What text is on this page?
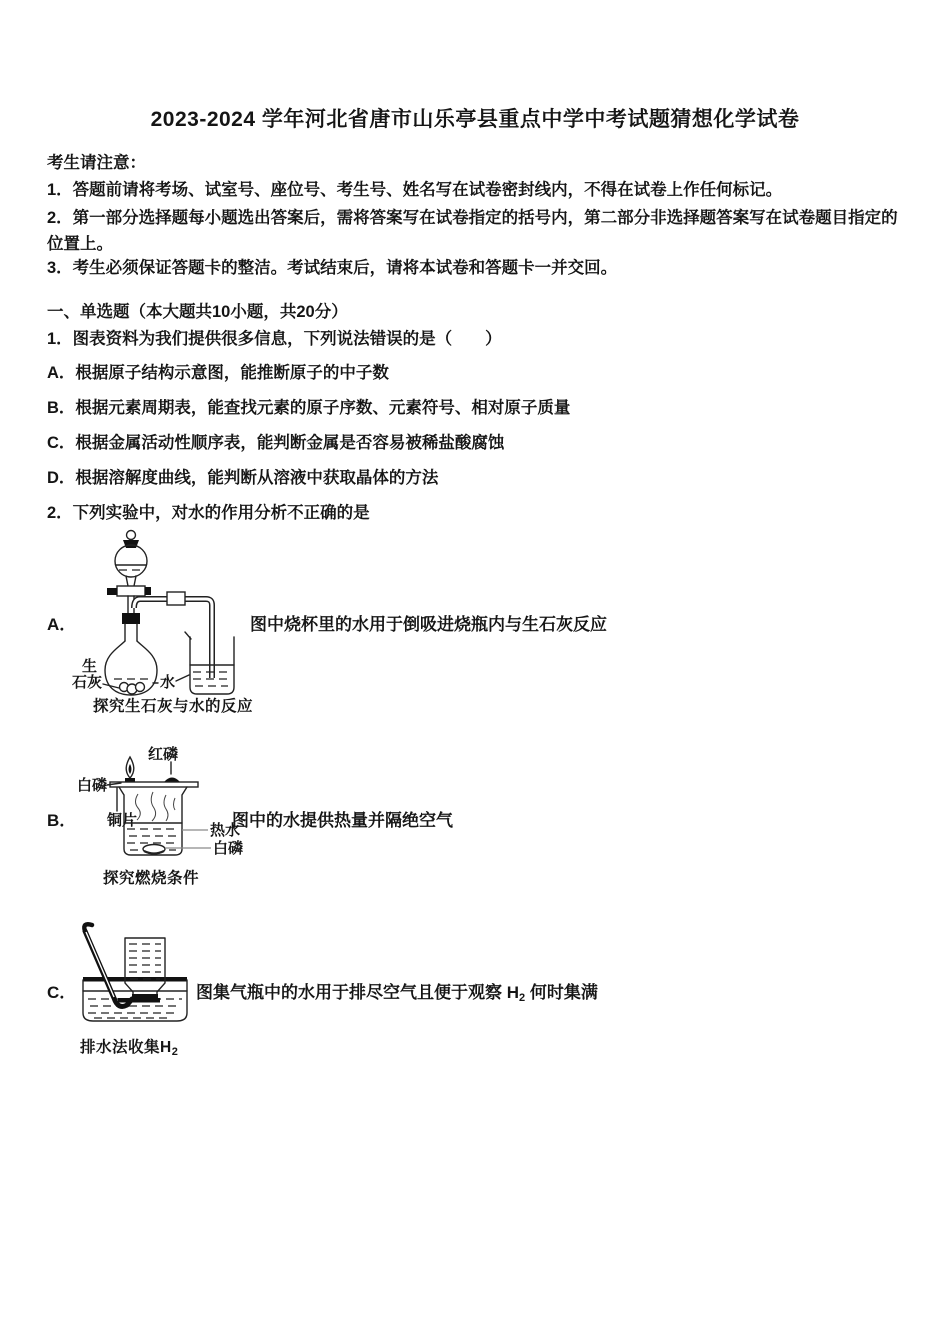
2023-2024 学年河北省唐市山乐亭县重点中学中考试题猜想化学试卷
考生请注意：
1．答题前请将考场、试室号、座位号、考生号、姓名写在试卷密封线内，不得在试卷上作任何标记。
2．第一部分选择题每小题选出答案后，需将答案写在试卷指定的括号内，第二部分非选择题答案写在试卷题目指定的位置上。
3．考生必须保证答题卡的整洁。考试结束后，请将本试卷和答题卡一并交回。
一、单选题（本大题共10小题，共20分）
1．图表资料为我们提供很多信息，下列说法错误的是（　　）
A．根据原子结构示意图，能推断原子的中子数
B．根据元素周期表，能查找元素的原子序数、元素符号、相对原子质量
C．根据金属活动性顺序表，能判断金属是否容易被稀盐酸腐蚀
D．根据溶解度曲线，能判断从溶液中获取晶体的方法
2．下列实验中，对水的作用分析不正确的是
A．	图中烧杯里的水用于倒吸进烧瓶内与生石灰反应
生
石灰	水
探究生石灰与水的反应
B．	图中的水提供热量并隔绝空气
红磷
白磷
铜片
热水
白磷
探究燃烧条件
C．	图集气瓶中的水用于排尽空气且便于观察 $H_2$ 何时集满
排水法收集$H_2$
